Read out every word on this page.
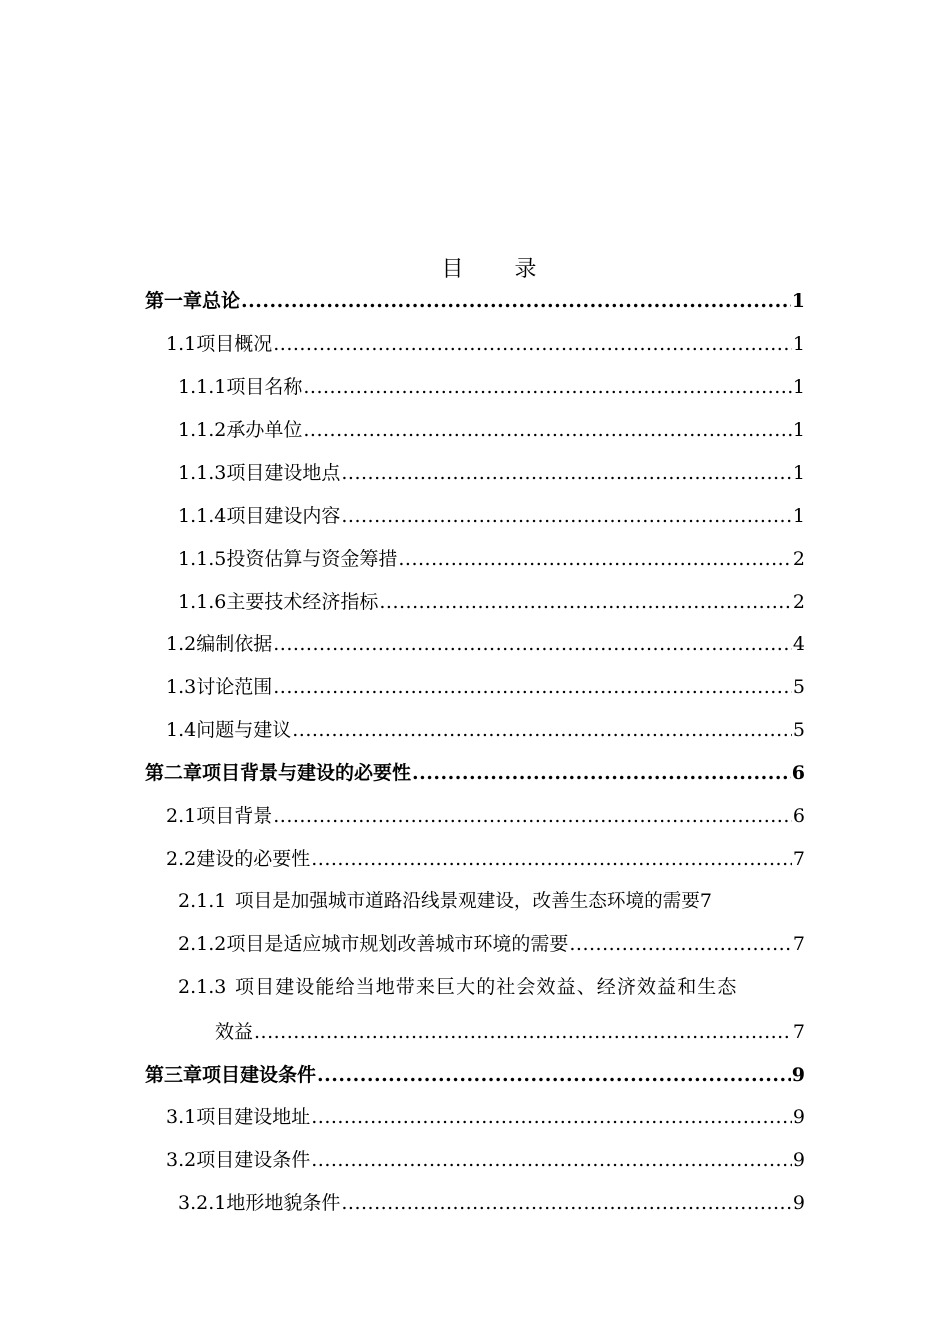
目 录
第一章 总论 .....	1
1.1 项目概况 .....	1
1.1.1 项目名称 .....	1
1.1.2 承办单位 .....	1
1.1.3 项目建设地点 .....	1
1.1.4 项目建设内容 .....	1
1.1.5 投资估算与资金筹措 .....	2
1.1.6 主要技术经济指标 .....	2
1.2 编制依据 .....	4
1.3 讨论范围 .....	5
1.4 问题与建议 .....	5
第二章 项目背景与建设的必要性 .....	6
2.1 项目背景 .....	6
2.2 建设的必要性 .....	7
2.1.1 项目是加强城市道路沿线景观建设，改善生态环境的需要 7
2.1.2 项目是适应城市规划改善城市环境的需要 .....	7
2.1.3 项目建设能给当地带来巨大的社会效益、经济效益和生态
效益 .....	7
第三章 项目建设条件 .....	9
3.1 项目建设地址 .....	9
3.2 项目建设条件 .....	9
3.2.1 地形地貌条件 .....	9
